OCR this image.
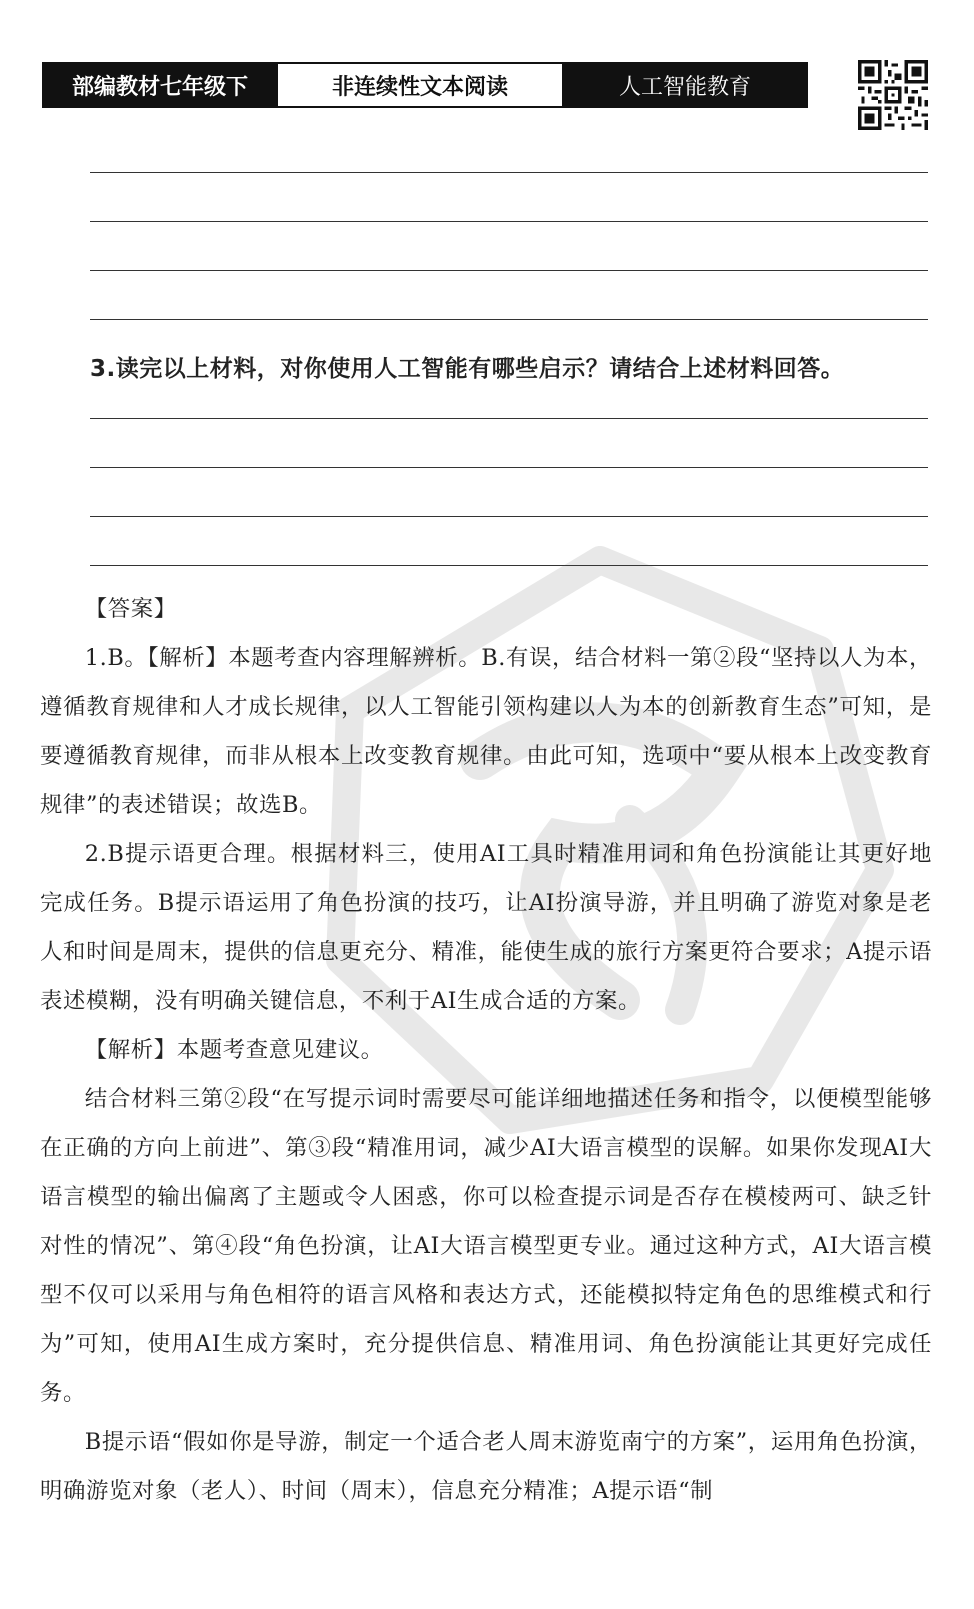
部编教材七年级下	非连续性文本阅读	人工智能教育
3.读完以上材料，对你使用人工智能有哪些启示？请结合上述材料回答。
【答案】

1.B。【解析】本题考查内容理解辨析。B.有误，结合材料一第②段“坚持以人为本，遵循教育规律和人才成长规律，以人工智能引领构建以人为本的创新教育生态”可知，是要遵循教育规律，而非从根本上改变教育规律。由此可知，选项中“要从根本上改变教育规律”的表述错误；故选B。

2.B提示语更合理。根据材料三，使用AI工具时精准用词和角色扮演能让其更好地完成任务。B提示语运用了角色扮演的技巧，让AI扮演导游，并且明确了游览对象是老人和时间是周末，提供的信息更充分、精准，能使生成的旅行方案更符合要求；A提示语表述模糊，没有明确关键信息，不利于AI生成合适的方案。

【解析】本题考查意见建议。

结合材料三第②段“在写提示词时需要尽可能详细地描述任务和指令，以便模型能够在正确的方向上前进”、第③段“精准用词，减少AI大语言模型的误解。如果你发现AI大语言模型的输出偏离了主题或令人困惑，你可以检查提示词是否存在模棱两可、缺乏针对性的情况”、第④段“角色扮演，让AI大语言模型更专业。通过这种方式，AI大语言模型不仅可以采用与角色相符的语言风格和表达方式，还能模拟特定角色的思维模式和行为”可知，使用AI生成方案时，充分提供信息、精准用词、角色扮演能让其更好完成任务。

B提示语“假如你是导游，制定一个适合老人周末游览南宁的方案”，运用角色扮演，明确游览对象（老人）、时间（周末），信息充分精准；A提示语“制
